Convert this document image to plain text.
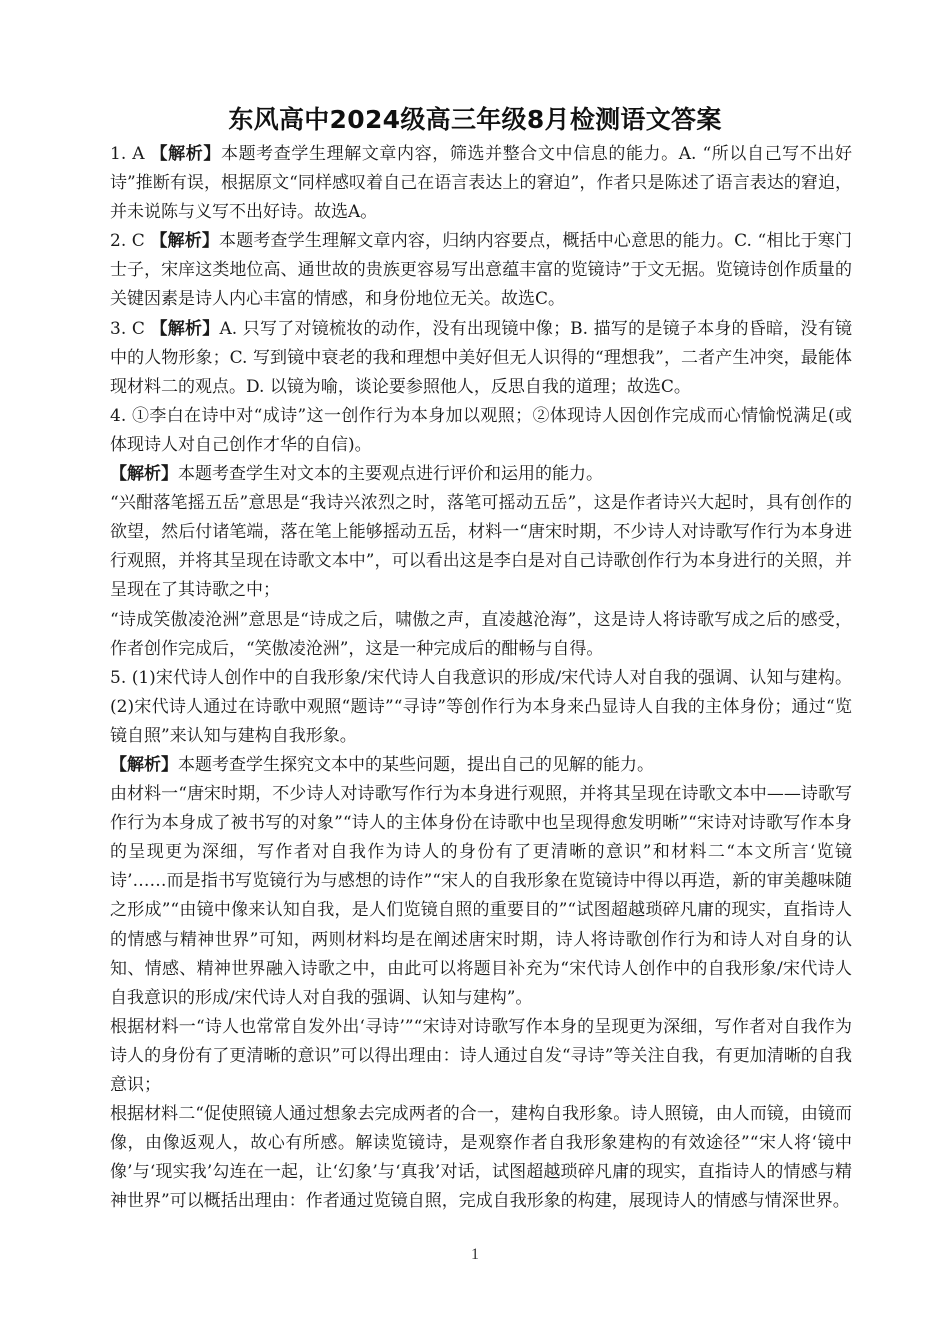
东风高中2024级高三年级8月检测语文答案

1. A 【解析】本题考查学生理解文章内容，筛选并整合文中信息的能力。A. “所以自己写不出好诗”推断有误，根据原文“同样感叹着自己在语言表达上的窘迫”，作者只是陈述了语言表达的窘迫，并未说陈与义写不出好诗。故选A。

2. C 【解析】本题考查学生理解文章内容，归纳内容要点，概括中心意思的能力。C. “相比于寒门士子，宋庠这类地位高、通世故的贵族更容易写出意蕴丰富的览镜诗”于文无据。览镜诗创作质量的关键因素是诗人内心丰富的情感，和身份地位无关。故选C。

3. C 【解析】A. 只写了对镜梳妆的动作，没有出现镜中像；B. 描写的是镜子本身的昏暗，没有镜中的人物形象；C. 写到镜中衰老的我和理想中美好但无人识得的“理想我”，二者产生冲突，最能体现材料二的观点。D. 以镜为喻，谈论要参照他人，反思自我的道理；故选C。

4. ①李白在诗中对“成诗”这一创作行为本身加以观照；②体现诗人因创作完成而心情愉悦满足(或体现诗人对自己创作才华的自信)。

【解析】本题考查学生对文本的主要观点进行评价和运用的能力。

“兴酣落笔摇五岳”意思是“我诗兴浓烈之时，落笔可摇动五岳”，这是作者诗兴大起时，具有创作的欲望，然后付诸笔端，落在笔上能够摇动五岳，材料一“唐宋时期，不少诗人对诗歌写作行为本身进行观照，并将其呈现在诗歌文本中”，可以看出这是李白是对自己诗歌创作行为本身进行的关照，并呈现在了其诗歌之中；

“诗成笑傲凌沧洲”意思是“诗成之后，啸傲之声，直凌越沧海”，这是诗人将诗歌写成之后的感受，作者创作完成后，“笑傲凌沧洲”，这是一种完成后的酣畅与自得。

5. (1)宋代诗人创作中的自我形象/宋代诗人自我意识的形成/宋代诗人对自我的强调、认知与建构。(2)宋代诗人通过在诗歌中观照“题诗”“寻诗”等创作行为本身来凸显诗人自我的主体身份；通过“览镜自照”来认知与建构自我形象。

【解析】本题考查学生探究文本中的某些问题，提出自己的见解的能力。

由材料一“唐宋时期，不少诗人对诗歌写作行为本身进行观照，并将其呈现在诗歌文本中——诗歌写作行为本身成了被书写的对象”“诗人的主体身份在诗歌中也呈现得愈发明晰”“宋诗对诗歌写作本身的呈现更为深细，写作者对自我作为诗人的身份有了更清晰的意识”和材料二“本文所言‘览镜诗’……而是指书写览镜行为与感想的诗作”“宋人的自我形象在览镜诗中得以再造，新的审美趣味随之形成”“由镜中像来认知自我，是人们览镜自照的重要目的”“试图超越琐碎凡庸的现实，直指诗人的情感与精神世界”可知，两则材料均是在阐述唐宋时期，诗人将诗歌创作行为和诗人对自身的认知、情感、精神世界融入诗歌之中，由此可以将题目补充为“宋代诗人创作中的自我形象/宋代诗人自我意识的形成/宋代诗人对自我的强调、认知与建构”。

根据材料一“诗人也常常自发外出‘寻诗’”“宋诗对诗歌写作本身的呈现更为深细，写作者对自我作为诗人的身份有了更清晰的意识”可以得出理由：诗人通过自发“寻诗”等关注自我，有更加清晰的自我意识；

根据材料二“促使照镜人通过想象去完成两者的合一，建构自我形象。诗人照镜，由人而镜，由镜而像，由像返观人，故心有所感。解读览镜诗，是观察作者自我形象建构的有效途径”“宋人将‘镜中像’与‘现实我’勾连在一起，让‘幻象’与‘真我’对话，试图超越琐碎凡庸的现实，直指诗人的情感与精神世界”可以概括出理由：作者通过览镜自照，完成自我形象的构建，展现诗人的情感与情深世界。

1
